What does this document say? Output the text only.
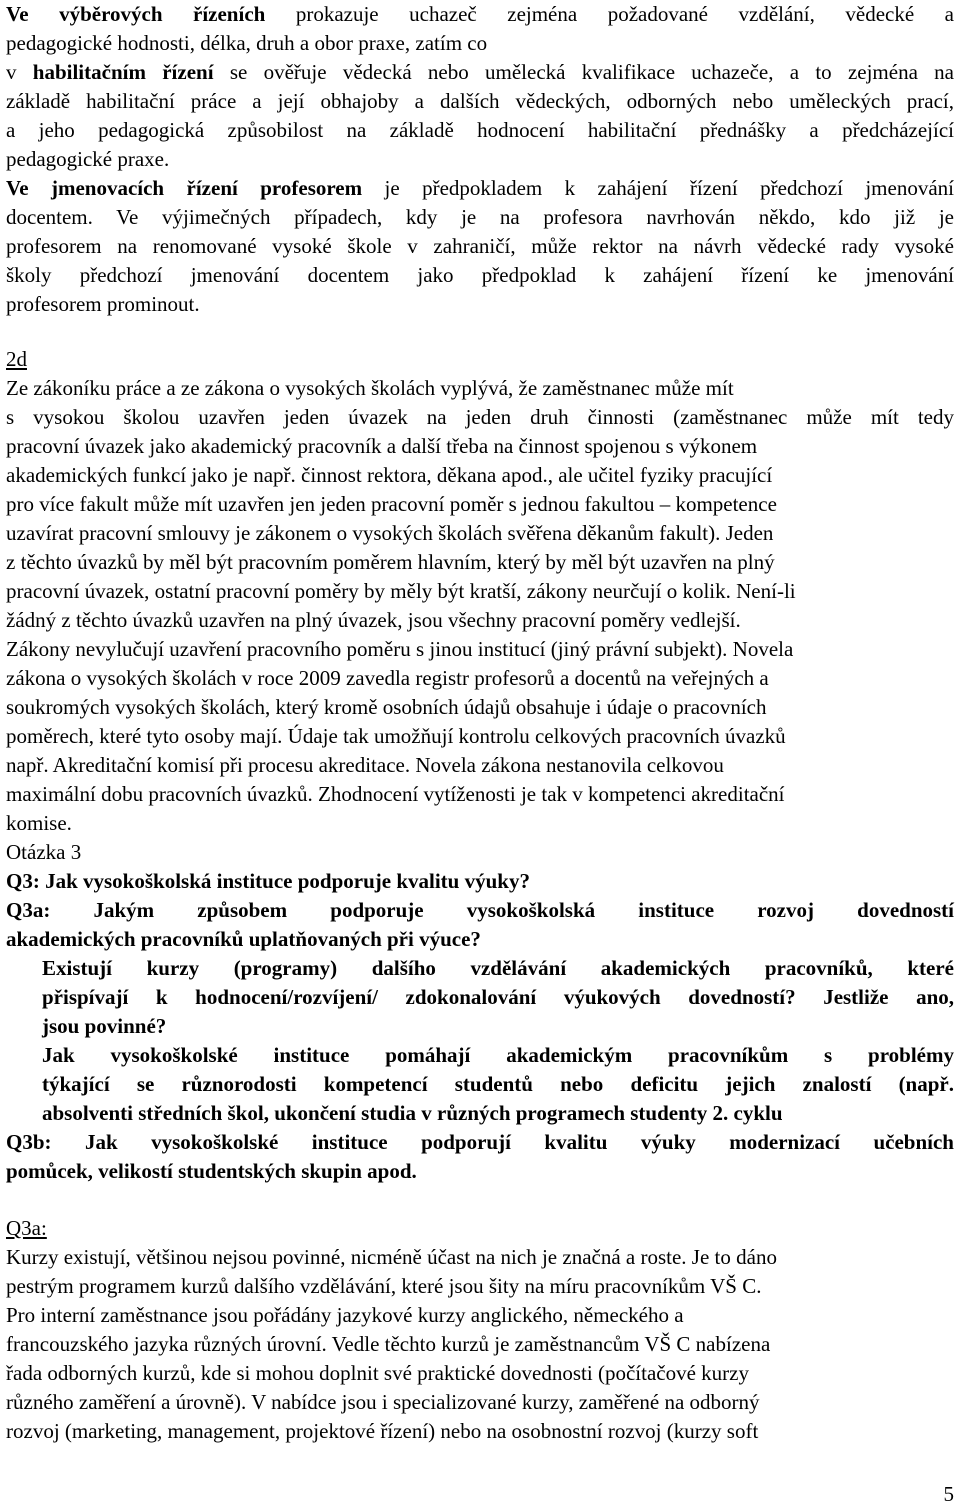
Ve výběrových řízeních prokazuje uchazeč zejména požadované vzdělání, vědecké a
pedagogické hodnosti, délka, druh a obor praxe, zatím co
v habilitačním řízení se ověřuje vědecká nebo umělecká kvalifikace uchazeče, a to zejména na
základě habilitační práce a její obhajoby a dalších vědeckých, odborných nebo uměleckých prací,
a jeho pedagogická způsobilost na základě hodnocení habilitační přednášky a předcházející
pedagogické praxe.
Ve jmenovacích řízení profesorem je předpokladem k zahájení řízení předchozí jmenování
docentem. Ve výjimečných případech, kdy je na profesora navrhován někdo, kdo již je
profesorem na renomované vysoké škole v zahraničí, může rektor na návrh vědecké rady vysoké
školy předchozí jmenování docentem jako předpoklad k zahájení řízení ke jmenování
profesorem prominout.
2d
Ze zákoníku práce a ze zákona o vysokých školách vyplývá, že zaměstnanec může mít
s vysokou školou uzavřen jeden úvazek na jeden druh činnosti (zaměstnanec může mít tedy
pracovní úvazek jako akademický pracovník a další třeba na činnost spojenou s výkonem
akademických funkcí jako je např. činnost rektora, děkana apod., ale učitel fyziky pracující
pro více fakult může mít uzavřen jen jeden pracovní poměr s jednou fakultou – kompetence
uzavírat pracovní smlouvy je zákonem o vysokých školách svěřena děkanům fakult). Jeden
z těchto úvazků by měl být pracovním poměrem hlavním, který by měl být uzavřen na plný
pracovní úvazek, ostatní pracovní poměry by měly být kratší, zákony neurčují o kolik. Není-li
žádný z těchto úvazků uzavřen na plný úvazek, jsou všechny pracovní poměry vedlejší.
Zákony nevylučují uzavření pracovního poměru s jinou institucí (jiný právní subjekt). Novela
zákona o vysokých školách v roce 2009 zavedla registr profesorů a docentů na veřejných a
soukromých vysokých školách, který kromě osobních údajů obsahuje i údaje o pracovních
poměrech, které tyto osoby mají. Údaje tak umožňují kontrolu celkových pracovních úvazků
např. Akreditační komisí při procesu akreditace. Novela zákona nestanovila celkovou
maximální dobu pracovních úvazků. Zhodnocení vytíženosti je tak v kompetenci akreditační
komise.
Otázka 3
Q3: Jak vysokoškolská instituce podporuje kvalitu výuky?
Q3a: Jakým způsobem podporuje vysokoškolská instituce rozvoj dovedností
akademických pracovníků uplatňovaných při výuce?
Existují kurzy (programy) dalšího vzdělávání akademických pracovníků, které
přispívají k hodnocení/rozvíjení/ zdokonalování výukových dovedností? Jestliže ano,
jsou povinné?
Jak vysokoškolské instituce pomáhají akademickým pracovníkům s problémy
týkající se různorodosti kompetencí studentů nebo deficitu jejich znalostí (např.
absolventi středních škol, ukončení studia v různých programech studenty 2. cyklu
Q3b: Jak vysokoškolské instituce podporují kvalitu výuky modernizací učebních
pomůcek, velikostí studentských skupin apod.
Q3a:
Kurzy existují, většinou nejsou povinné, nicméně účast na nich je značná a roste. Je to dáno
pestrým programem kurzů dalšího vzdělávání, které jsou šity na míru pracovníkům VŠ C.
Pro interní zaměstnance jsou pořádány jazykové kurzy anglického, německého a
francouzského jazyka různých úrovní. Vedle těchto kurzů je zaměstnancům VŠ C nabízena
řada odborných kurzů, kde si mohou doplnit své praktické dovednosti (počítačové kurzy
různého zaměření a úrovně). V nabídce jsou i specializované kurzy, zaměřené na odborný
rozvoj (marketing, management, projektové řízení) nebo na osobnostní rozvoj (kurzy soft
5
